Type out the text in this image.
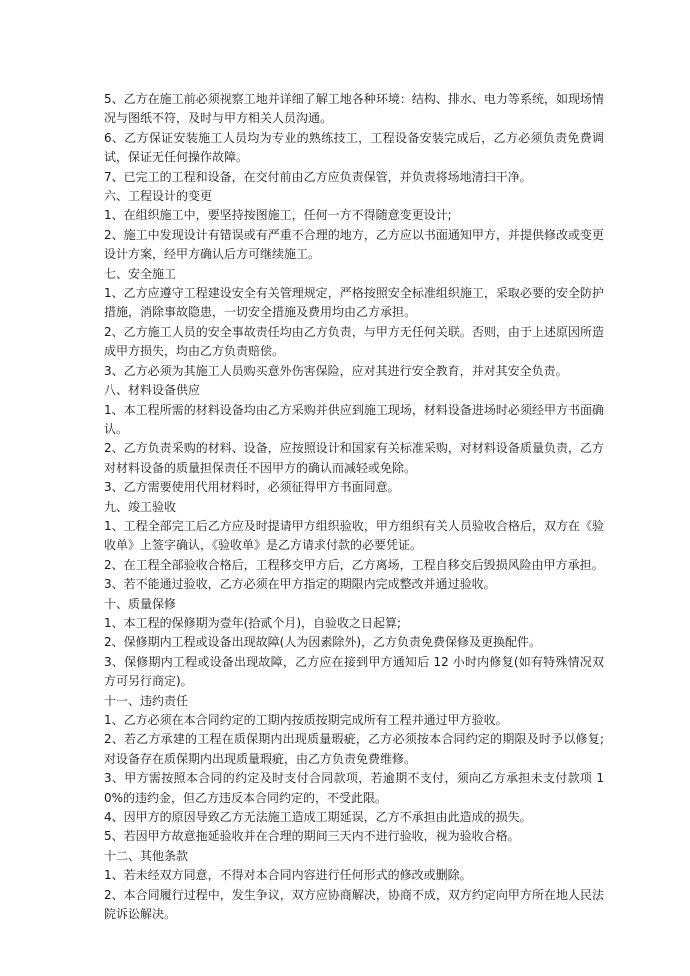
5、乙方在施工前必须视察工地并详细了解工地各种环境：结构、排水、电力等系统，如现场情况与图纸不符，及时与甲方相关人员沟通。

6、乙方保证安装施工人员均为专业的熟练技工，工程设备安装完成后，乙方必须负责免费调试，保证无任何操作故障。

7、已完工的工程和设备，在交付前由乙方应负责保管，并负责将场地清扫干净。

六、工程设计的变更

1、在组织施工中，要坚持按图施工，任何一方不得随意变更设计;

2、施工中发现设计有错误或有严重不合理的地方，乙方应以书面通知甲方，并提供修改或变更设计方案，经甲方确认后方可继续施工。

七、安全施工

1、乙方应遵守工程建设安全有关管理规定，严格按照安全标准组织施工，采取必要的安全防护措施，消除事故隐患，一切安全措施及费用均由乙方承担。

2、乙方施工人员的安全事故责任均由乙方负责，与甲方无任何关联。否则，由于上述原因所造成甲方损失，均由乙方负责赔偿。

3、乙方必须为其施工人员购买意外伤害保险，应对其进行安全教育，并对其安全负责。

八、材料设备供应

1、本工程所需的材料设备均由乙方采购并供应到施工现场，材料设备进场时必须经甲方书面确认。

2、乙方负责采购的材料、设备，应按照设计和国家有关标准采购，对材料设备质量负责，乙方对材料设备的质量担保责任不因甲方的确认而减轻或免除。

3、乙方需要使用代用材料时，必须征得甲方书面同意。

九、竣工验收

1、工程全部完工后乙方应及时提请甲方组织验收，甲方组织有关人员验收合格后，双方在《验收单》上签字确认，《验收单》是乙方请求付款的必要凭证。

2、在工程全部验收合格后，工程移交甲方后，乙方离场，工程自移交后毁损风险由甲方承担。

3、若不能通过验收，乙方必须在甲方指定的期限内完成整改并通过验收。

十、质量保修

1、本工程的保修期为壹年(拾贰个月)，自验收之日起算;

2、保修期内工程或设备出现故障(人为因素除外)，乙方负责免费保修及更换配件。

3、保修期内工程或设备出现故障，乙方应在接到甲方通知后 12 小时内修复(如有特殊情况双方可另行商定)。

十一、违约责任

1、乙方必须在本合同约定的工期内按质按期完成所有工程并通过甲方验收。

2、若乙方承建的工程在质保期内出现质量瑕疵，乙方必须按本合同约定的期限及时予以修复;对设备存在质保期内出现质量瑕疵，由乙方负责免费维修。

3、甲方需按照本合同的约定及时支付合同款项，若逾期不支付，须向乙方承担未支付款项 10%的违约金，但乙方违反本合同约定的，不受此限。

4、因甲方的原因导致乙方无法施工造成工期延误，乙方不承担由此造成的损失。

5、若因甲方故意拖延验收并在合理的期间三天内不进行验收，视为验收合格。

十二、其他条款

1、若未经双方同意，不得对本合同内容进行任何形式的修改或删除。

2、本合同履行过程中，发生争议，双方应协商解决，协商不成，双方约定向甲方所在地人民法院诉讼解决。
